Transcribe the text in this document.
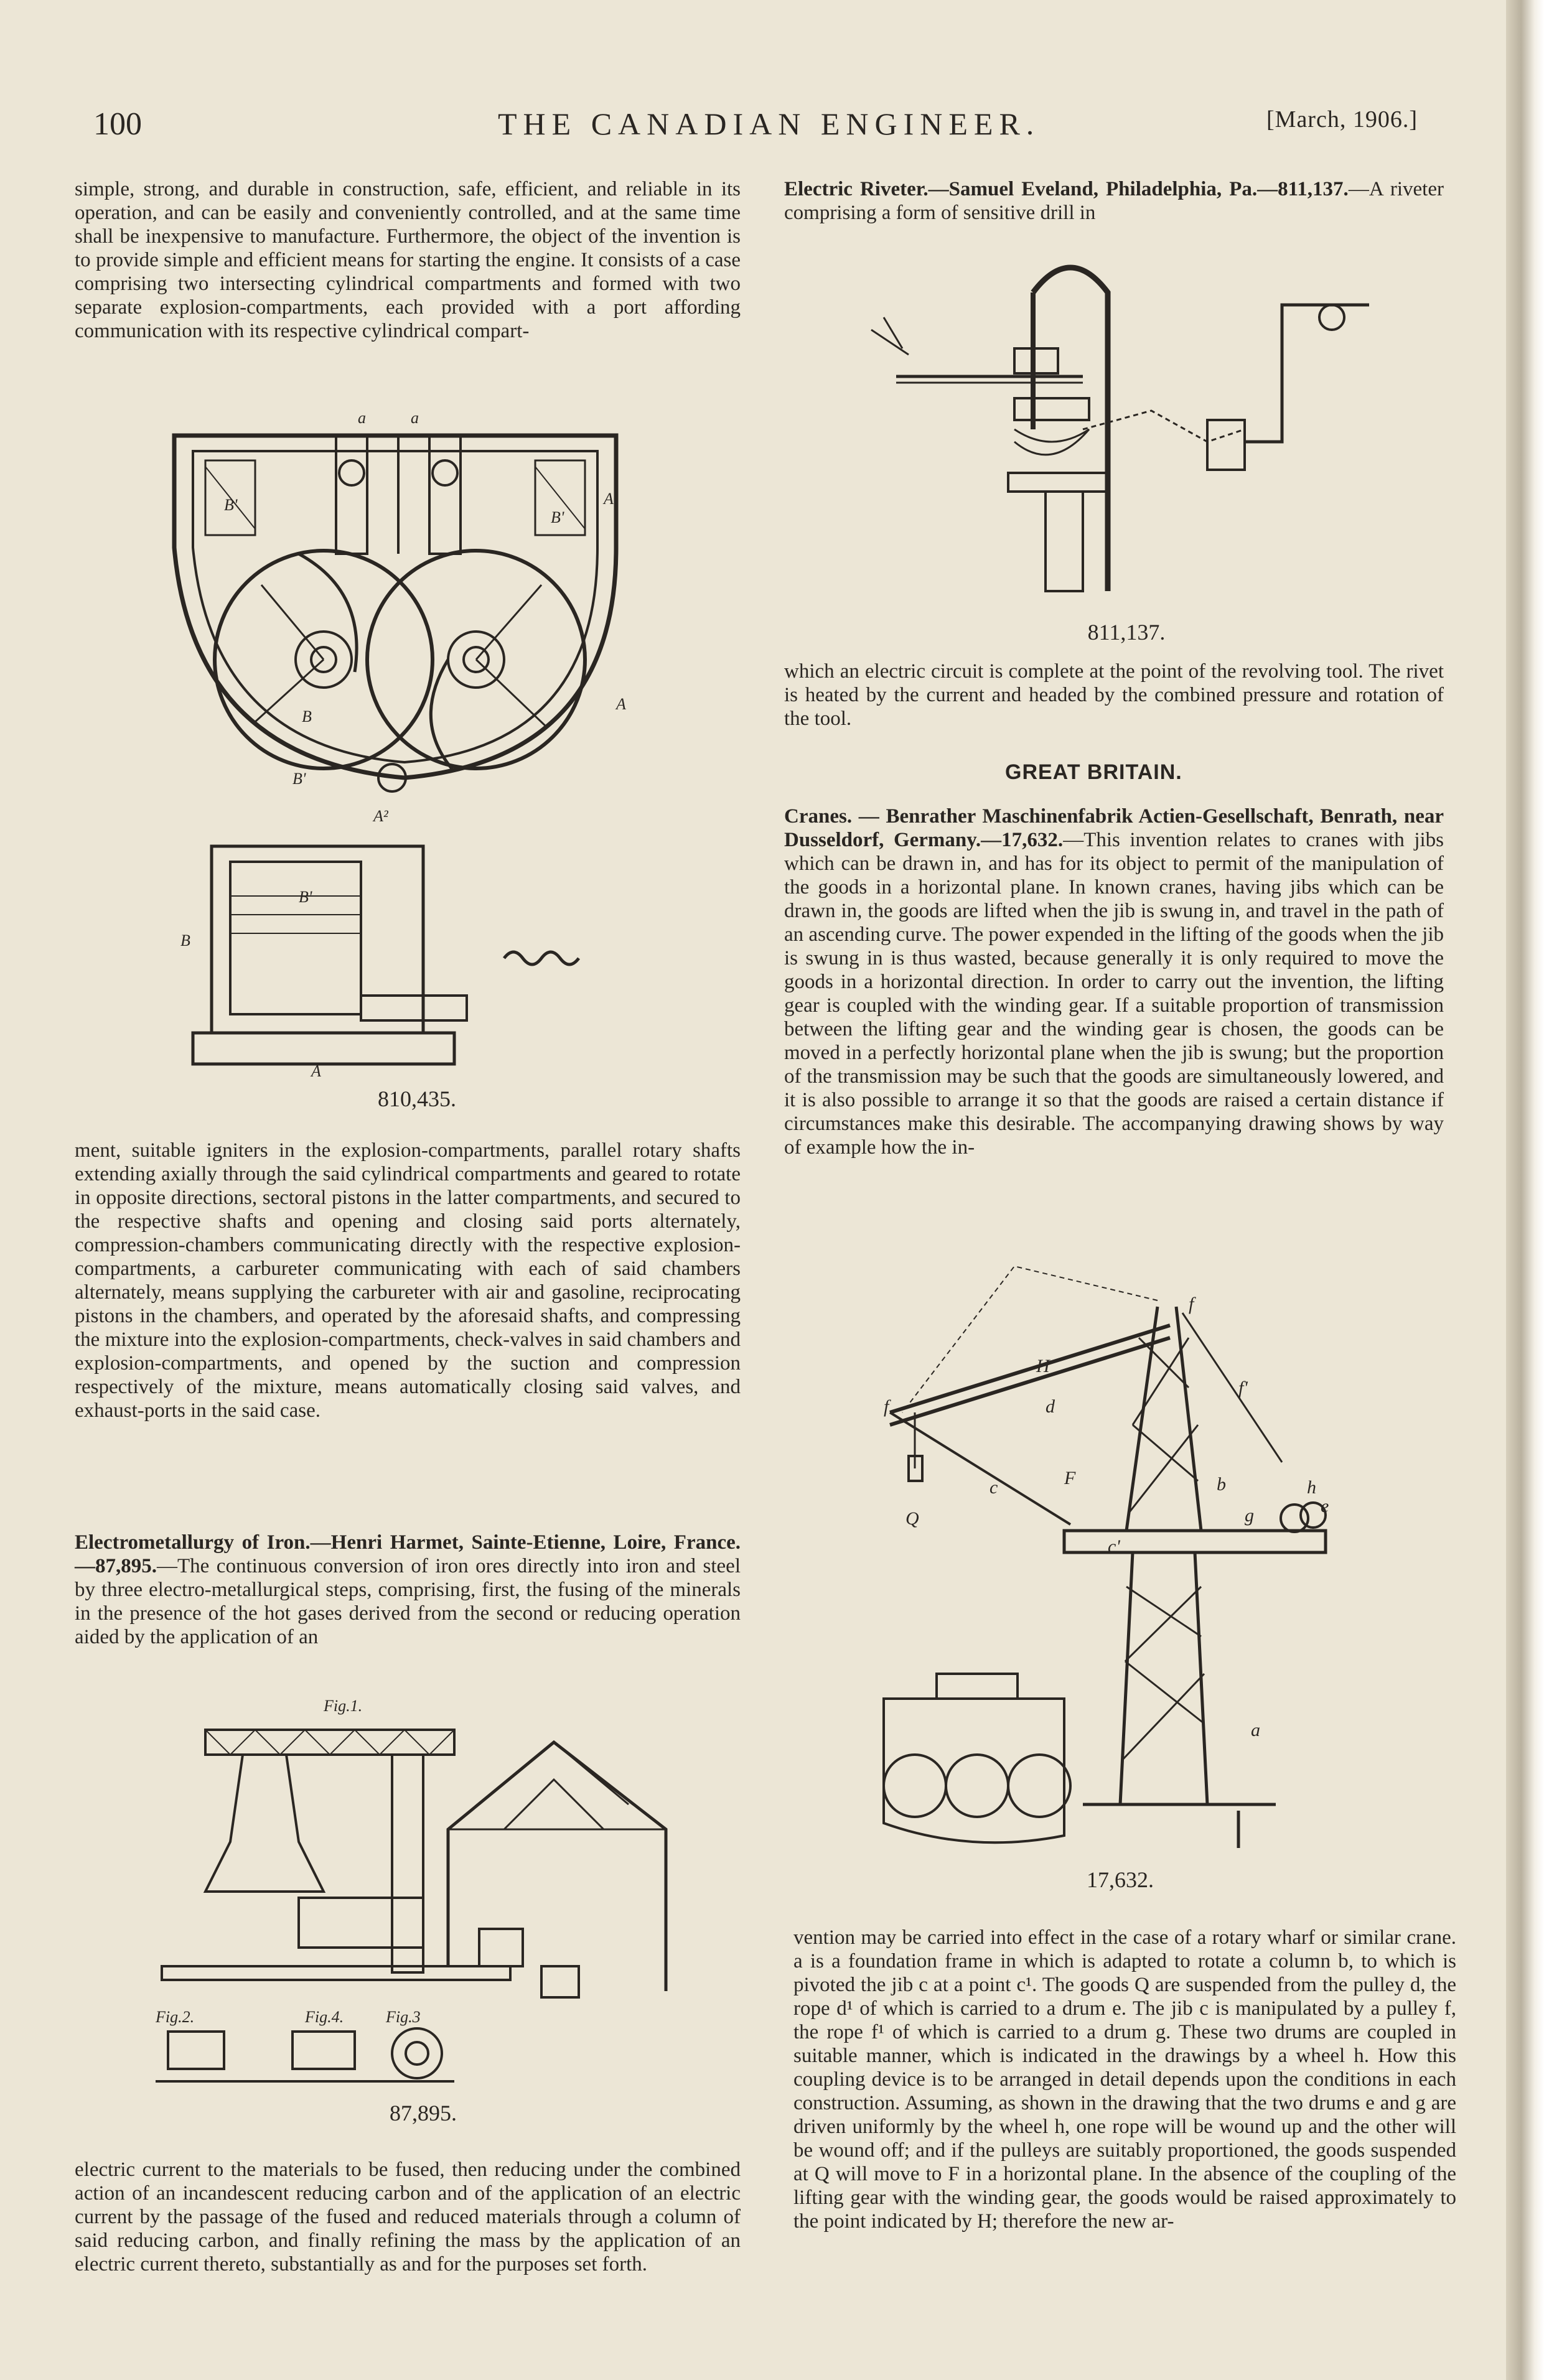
100	THE CANADIAN ENGINEER.	[March, 1906.]

simple, strong, and durable in construction, safe, efficient, and reliable in its operation, and can be easily and conveniently controlled, and at the same time shall be inexpensive to manufacture. Furthermore, the object of the invention is to provide simple and efficient means for starting the engine. It consists of a case comprising two intersecting cylindrical compartments and formed with two separate explosion-compartments, each provided with a port affording communication with its respective cylindrical compart-

a	a
B'
B'
A'
A
B
B'
A²
B'
B
A
810,435.

ment, suitable igniters in the explosion-compartments, parallel rotary shafts extending axially through the said cylindrical compartments and geared to rotate in opposite directions, sectoral pistons in the latter compartments, and secured to the respective shafts and opening and closing said ports alternately, compression-chambers communicating directly with the respective explosion-compartments, a carbureter communicating with each of said chambers alternately, means supplying the carbureter with air and gasoline, reciprocating pistons in the chambers, and operated by the aforesaid shafts, and compressing the mixture into the explosion-compartments, check-valves in said chambers and explosion-compartments, and opened by the suction and compression respectively of the mixture, means automatically closing said valves, and exhaust-ports in the said case.

Electrometallurgy of Iron.—Henri Harmet, Sainte-Etienne, Loire, France.—87,895.—The continuous conversion of iron ores directly into iron and steel by three electro-metallurgical steps, comprising, first, the fusing of the minerals in the presence of the hot gases derived from the second or reducing operation aided by the application of an

Fig.1.
Fig.2.	Fig.4.	Fig.3
87,895.

electric current to the materials to be fused, then reducing under the combined action of an incandescent reducing carbon and of the application of an electric current by the passage of the fused and reduced materials through a column of said reducing carbon, and finally refining the mass by the application of an electric current thereto, substantially as and for the purposes set forth.

Electric Riveter.—Samuel Eveland, Philadelphia, Pa.—811,137.—A riveter comprising a form of sensitive drill in

811,137.

which an electric circuit is complete at the point of the revolving tool. The rivet is heated by the current and headed by the combined pressure and rotation of the tool.

GREAT BRITAIN.

Cranes. — Benrather Maschinenfabrik Actien-Gesellschaft, Benrath, near Dusseldorf, Germany.—17,632.—This invention relates to cranes with jibs which can be drawn in, and has for its object to permit of the manipulation of the goods in a horizontal plane. In known cranes, having jibs which can be drawn in, the goods are lifted when the jib is swung in, and travel in the path of an ascending curve. The power expended in the lifting of the goods when the jib is swung in is thus wasted, because generally it is only required to move the goods in a horizontal direction. In order to carry out the invention, the lifting gear is coupled with the winding gear. If a suitable proportion of transmission between the lifting gear and the winding gear is chosen, the goods can be moved in a perfectly horizontal plane when the jib is swung; but the proportion of the transmission may be such that the goods are simultaneously lowered, and it is also possible to arrange it so that the goods are raised a certain distance if circumstances make this desirable. The accompanying drawing shows by way of example how the in-

f
f
H
d
f'
F
c	b	h
g	e
c'
a
Q
17,632.

vention may be carried into effect in the case of a rotary wharf or similar crane. a is a foundation frame in which is adapted to rotate a column b, to which is pivoted the jib c at a point c¹. The goods Q are suspended from the pulley d, the rope d¹ of which is carried to a drum e. The jib c is manipulated by a pulley f, the rope f¹ of which is carried to a drum g. These two drums are coupled in suitable manner, which is indicated in the drawings by a wheel h. How this coupling device is to be arranged in detail depends upon the conditions in each construction. Assuming, as shown in the drawing that the two drums e and g are driven uniformly by the wheel h, one rope will be wound up and the other will be wound off; and if the pulleys are suitably proportioned, the goods suspended at Q will move to F in a horizontal plane. In the absence of the coupling of the lifting gear with the winding gear, the goods would be raised approximately to the point indicated by H; therefore the new ar-
